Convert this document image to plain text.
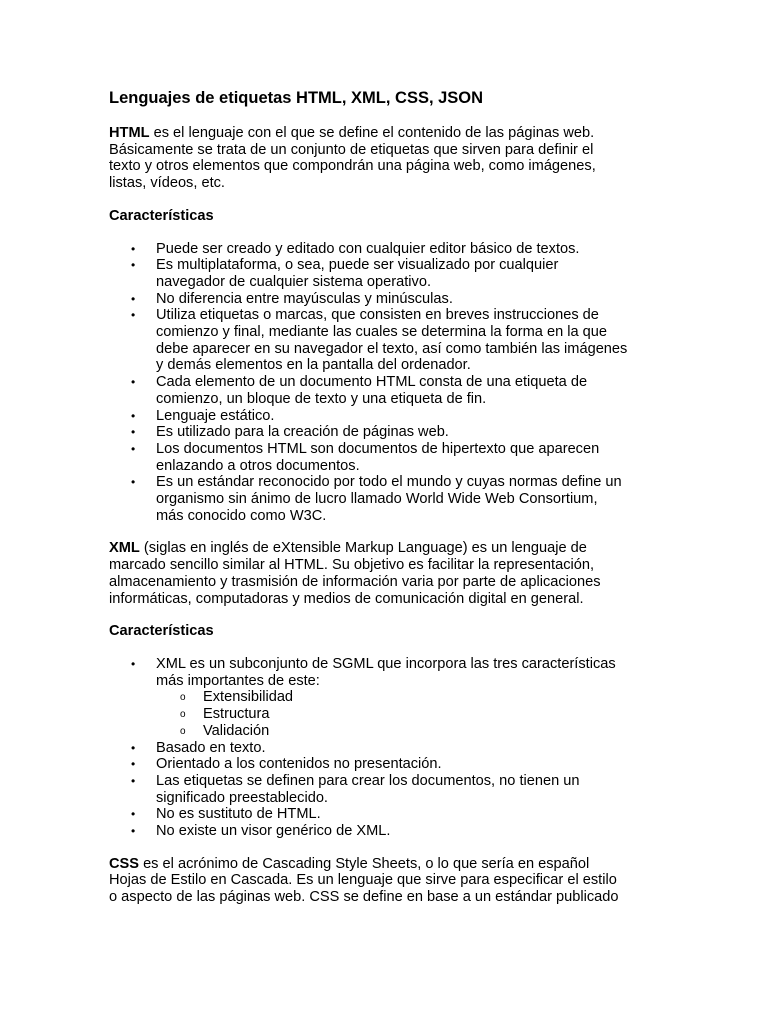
Lenguajes de etiquetas HTML, XML, CSS, JSON

HTML es el lenguaje con el que se define el contenido de las páginas web.
Básicamente se trata de un conjunto de etiquetas que sirven para definir el
texto y otros elementos que compondrán una página web, como imágenes,
listas, vídeos, etc.

Características

• Puede ser creado y editado con cualquier editor básico de textos.
• Es multiplataforma, o sea, puede ser visualizado por cualquier
navegador de cualquier sistema operativo.
• No diferencia entre mayúsculas y minúsculas.
• Utiliza etiquetas o marcas, que consisten en breves instrucciones de
comienzo y final, mediante las cuales se determina la forma en la que
debe aparecer en su navegador el texto, así como también las imágenes
y demás elementos en la pantalla del ordenador.
• Cada elemento de un documento HTML consta de una etiqueta de
comienzo, un bloque de texto y una etiqueta de fin.
• Lenguaje estático.
• Es utilizado para la creación de páginas web.
• Los documentos HTML son documentos de hipertexto que aparecen
enlazando a otros documentos.
• Es un estándar reconocido por todo el mundo y cuyas normas define un
organismo sin ánimo de lucro llamado World Wide Web Consortium,
más conocido como W3C.

XML (siglas en inglés de eXtensible Markup Language) es un lenguaje de
marcado sencillo similar al HTML. Su objetivo es facilitar la representación,
almacenamiento y trasmisión de información varia por parte de aplicaciones
informáticas, computadoras y medios de comunicación digital en general.

Características

• XML es un subconjunto de SGML que incorpora las tres características
más importantes de este:
o Extensibilidad
o Estructura
o Validación
• Basado en texto.
• Orientado a los contenidos no presentación.
• Las etiquetas se definen para crear los documentos, no tienen un
significado preestablecido.
• No es sustituto de HTML.
• No existe un visor genérico de XML.

CSS es el acrónimo de Cascading Style Sheets, o lo que sería en español
Hojas de Estilo en Cascada. Es un lenguaje que sirve para especificar el estilo
o aspecto de las páginas web. CSS se define en base a un estándar publicado
